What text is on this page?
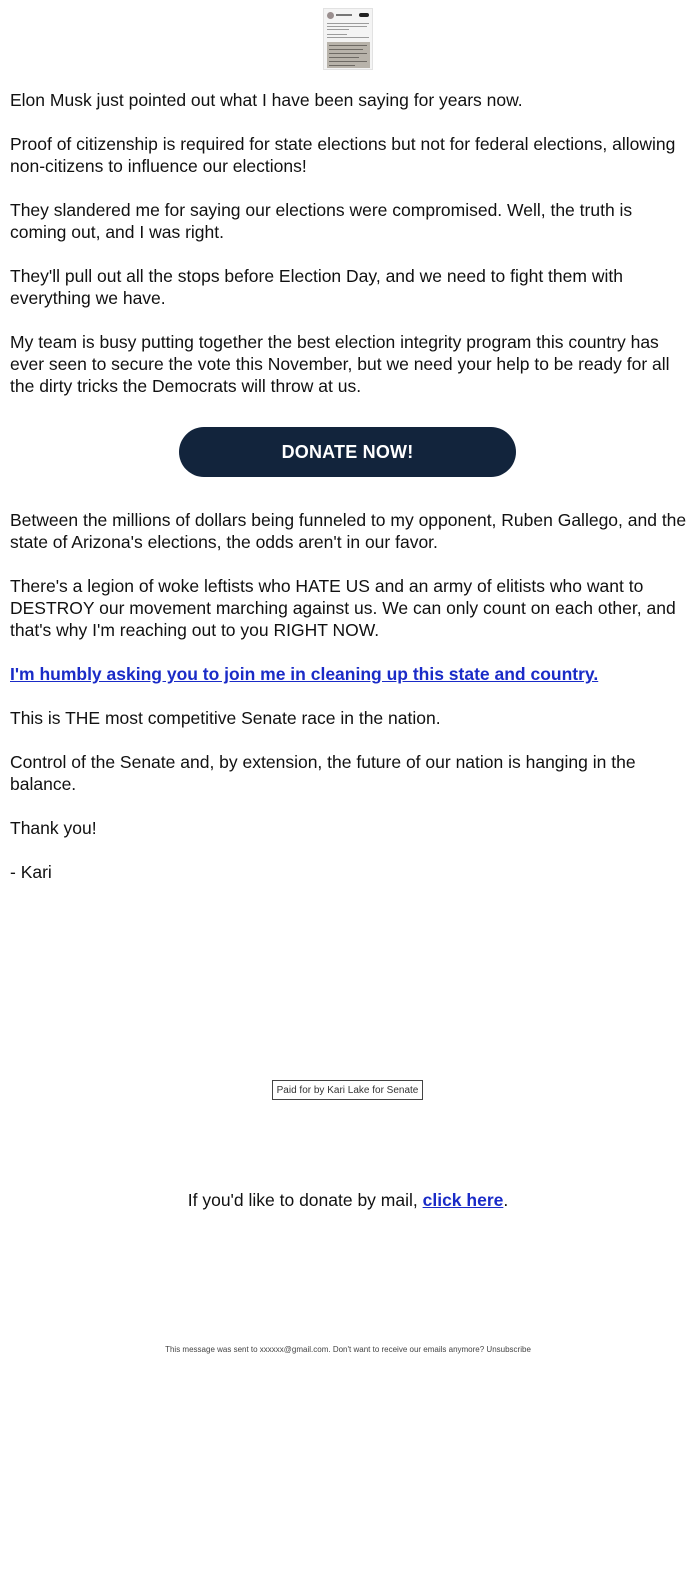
Elon Musk just pointed out what I have been saying for years now.

Proof of citizenship is required for state elections but not for federal elections, allowing non-citizens to influence our elections!

They slandered me for saying our elections were compromised. Well, the truth is coming out, and I was right.

They'll pull out all the stops before Election Day, and we need to fight them with everything we have.

My team is busy putting together the best election integrity program this country has ever seen to secure the vote this November, but we need your help to be ready for all the dirty tricks the Democrats will throw at us.

DONATE NOW!

Between the millions of dollars being funneled to my opponent, Ruben Gallego, and the state of Arizona's elections, the odds aren't in our favor.

There's a legion of woke leftists who HATE US and an army of elitists who want to DESTROY our movement marching against us. We can only count on each other, and that's why I'm reaching out to you RIGHT NOW.

I'm humbly asking you to join me in cleaning up this state and country.

This is THE most competitive Senate race in the nation.

Control of the Senate and, by extension, the future of our nation is hanging in the balance.

Thank you!

- Kari

Paid for by Kari Lake for Senate
If you'd like to donate by mail, click here.
This message was sent to xxxxxx@gmail.com. Don't want to receive our emails anymore? Unsubscribe
